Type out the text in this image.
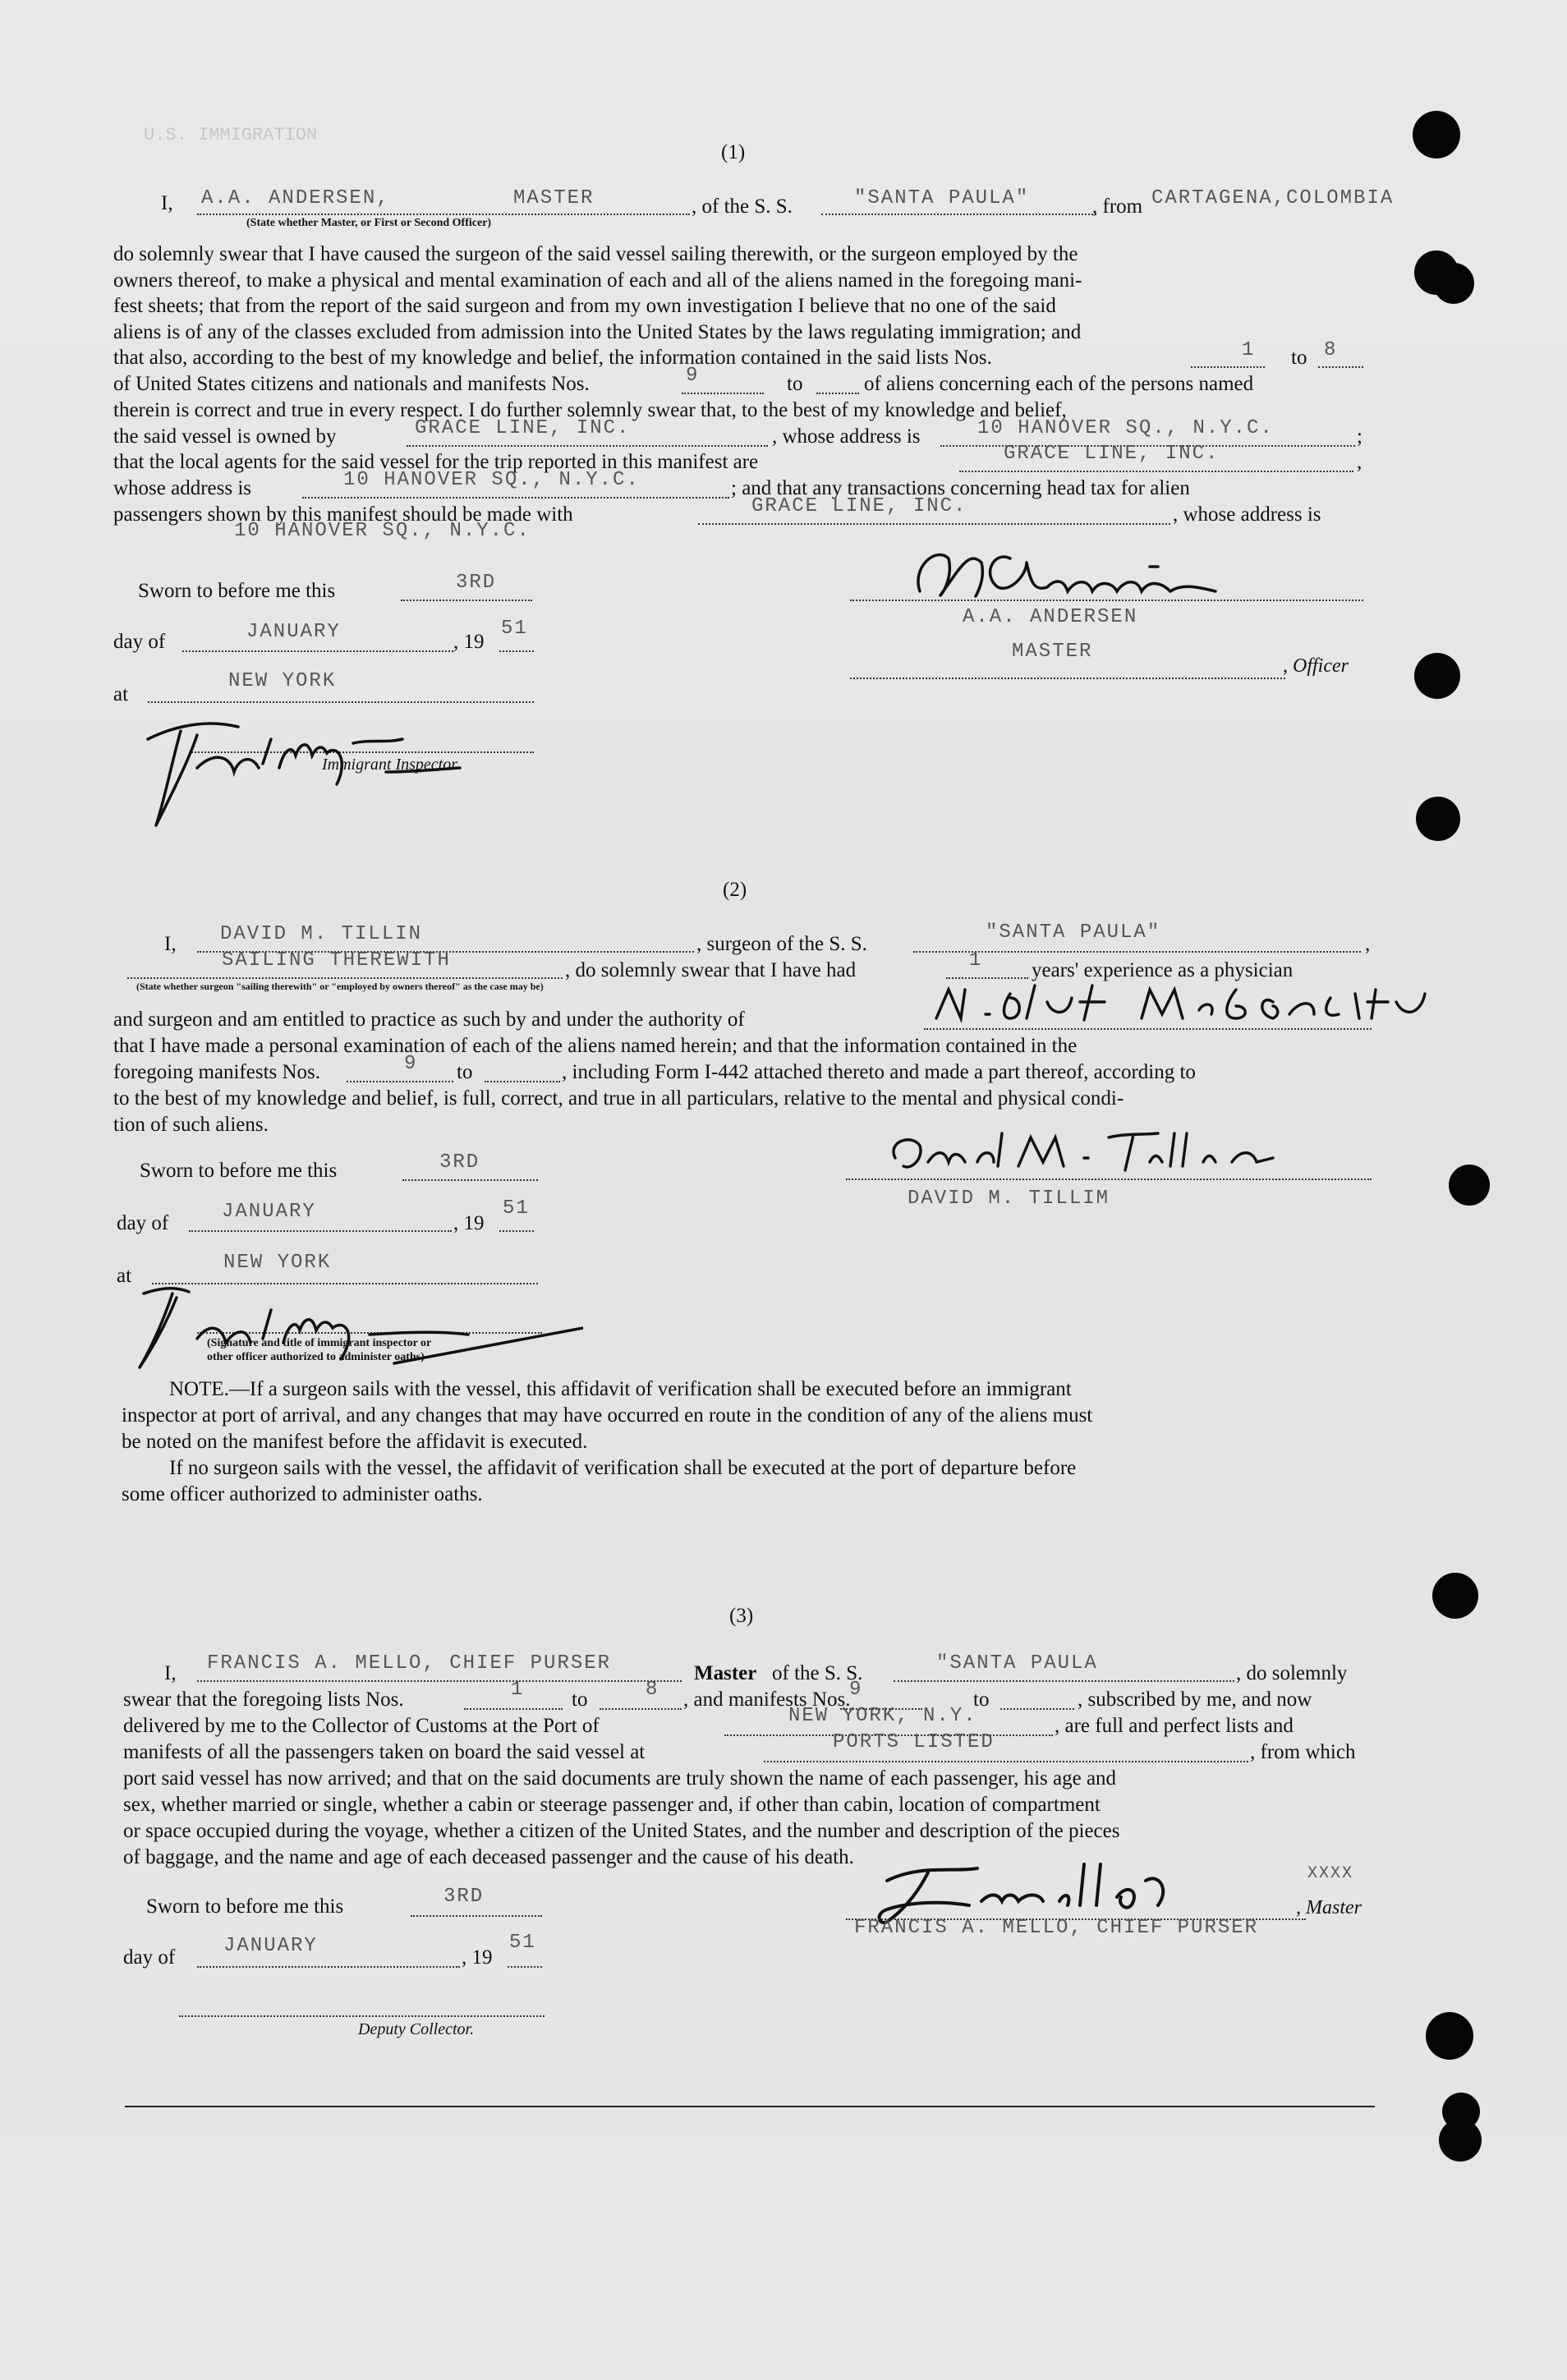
U.S. IMMIGRATION
(1)
I, A.A. ANDERSEN,	MASTER
(State whether Master, or First or Second Officer)
, of the S. S.	"SANTA PAULA"	, from CARTAGENA,COLOMBIA
do solemnly swear that I have caused the surgeon of the said vessel sailing therewith, or the surgeon employed by the
owners thereof, to make a physical and mental examination of each and all of the aliens named in the foregoing mani-
fest sheets; that from the report of the said surgeon and from my own investigation I believe that no one of the said
aliens is of any of the classes excluded from admission into the United States by the laws regulating immigration; and
that also, according to the best of my knowledge and belief, the information contained in the said lists Nos.	1 to 8
of United States citizens and nationals and manifests Nos.	9	to	of aliens concerning each of the persons named
therein is correct and true in every respect. I do further solemnly swear that, to the best of my knowledge and belief,
the said vessel is owned by	GRACE LINE, INC.	, whose address is	10 HANOVER SQ., N.Y.C.	;
that the local agents for the said vessel for the trip reported in this manifest are	GRACE LINE, INC.	,
whose address is	10 HANOVER SQ., N.Y.C.	; and that any transactions concerning head tax for alien
passengers shown by this manifest should be made with	GRACE LINE, INC.	, whose address is
10 HANOVER SQ., N.Y.C.
Sworn to before me this	3RD
day of	JANUARY	, 19
51
at
NEW YORK
Immigrant Inspector.
A.A. ANDERSEN
MASTER
, Officer
(2)
I, DAVID M. TILLIN	, surgeon of the S. S.
"SANTA PAULA"
,
SAILING THEREWITH
(State whether surgeon "sailing therewith" or "employed by owners thereof" as the case may be)
, do solemnly swear that I have had	1 years' experience as a physician
and surgeon and am entitled to practice as such by and under the authority of
that I have made a personal examination of each of the aliens named herein; and that the information contained in the
foregoing manifests Nos.	9 to	, including Form I-442 attached thereto and made a part thereof, according to
to the best of my knowledge and belief, is full, correct, and true in all particulars, relative to the mental and physical condi-
tion of such aliens.
Sworn to before me this	3RD
day of
JANUARY
, 19
51
at
NEW YORK
(Signature and title of immigrant inspector or
other officer authorized to administer oaths)
DAVID M. TILLIM
NOTE.—If a surgeon sails with the vessel, this affidavit of verification shall be executed before an immigrant
inspector at port of arrival, and any changes that may have occurred en route in the condition of any of the aliens must
be noted on the manifest before the affidavit is executed.
If no surgeon sails with the vessel, the affidavit of verification shall be executed at the port of departure before
some officer authorized to administer oaths.
(3)
I, FRANCIS A. MELLO, CHIEF PURSER	Master of the S. S.	"SANTA PAULA	, do solemnly
swear that the foregoing lists Nos.	1 to	8 , and manifests Nos.
9	to	, subscribed by me, and now
delivered by me to the Collector of Customs at the Port of	NEW YORK, N.Y.	, are full and perfect lists and
manifests of all the passengers taken on board the said vessel at	PORTS LISTED	, from which
port said vessel has now arrived; and that on the said documents are truly shown the name of each passenger, his age and
sex, whether married or single, whether a cabin or steerage passenger and, if other than cabin, location of compartment
or space occupied during the voyage, whether a citizen of the United States, and the number and description of the pieces
of baggage, and the name and age of each deceased passenger and the cause of his death.
Sworn to before me this	3RD
day of
JANUARY
, 19
51
Deputy Collector.
XXXX
, Master
FRANCIS A. MELLO, CHIEF PURSER
